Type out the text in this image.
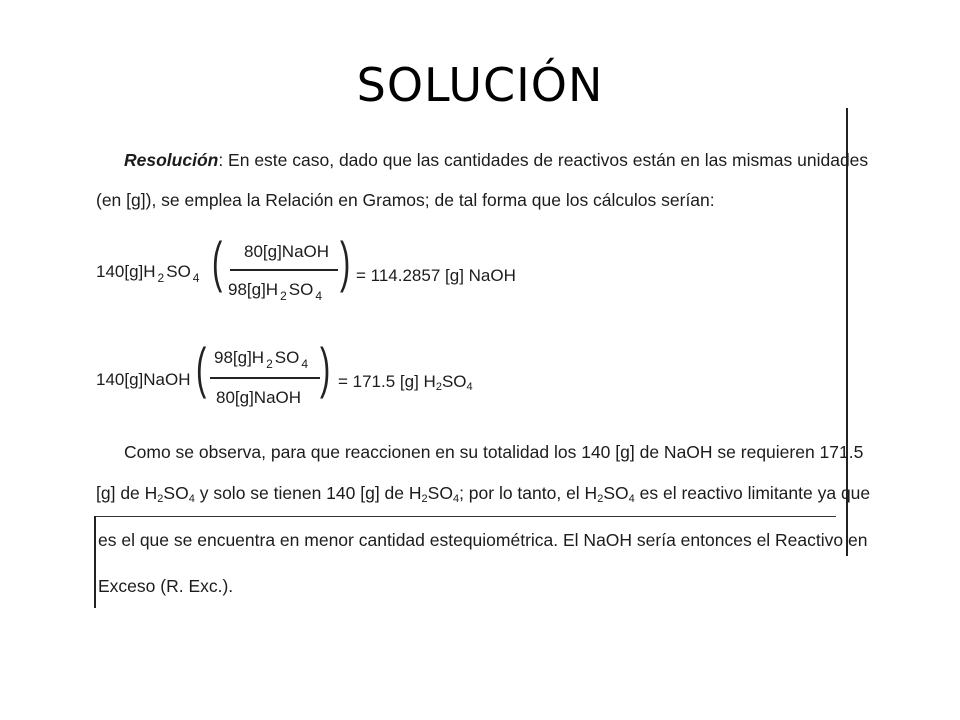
SOLUCIÓN
Resolución: En este caso, dado que las cantidades de reactivos están en las mismas unidades
(en [g]), se emplea la Relación en Gramos; de tal forma que los cálculos serían:
140[g]H $_2$ SO $_4$ ( 80[g]NaOH
98[g]H $_2$ SO $_4$
) = 114.2857 [g] NaOH
140[g]NaOH ( 98[g]H $_2$ SO $_4$
80[g]NaOH ) = 171.5 [g] $H_2SO_4$
Como se observa, para que reaccionen en su totalidad los 140 [g] de NaOH se requieren 171.5
[g] de $H_2SO_4$ y solo se tienen 140 [g] de $H_2SO_4$; por lo tanto, el $H_2SO_4$ es el reactivo limitante ya que
es el que se encuentra en menor cantidad estequiométrica. El NaOH sería entonces el Reactivo en
Exceso (R. Exc.).
